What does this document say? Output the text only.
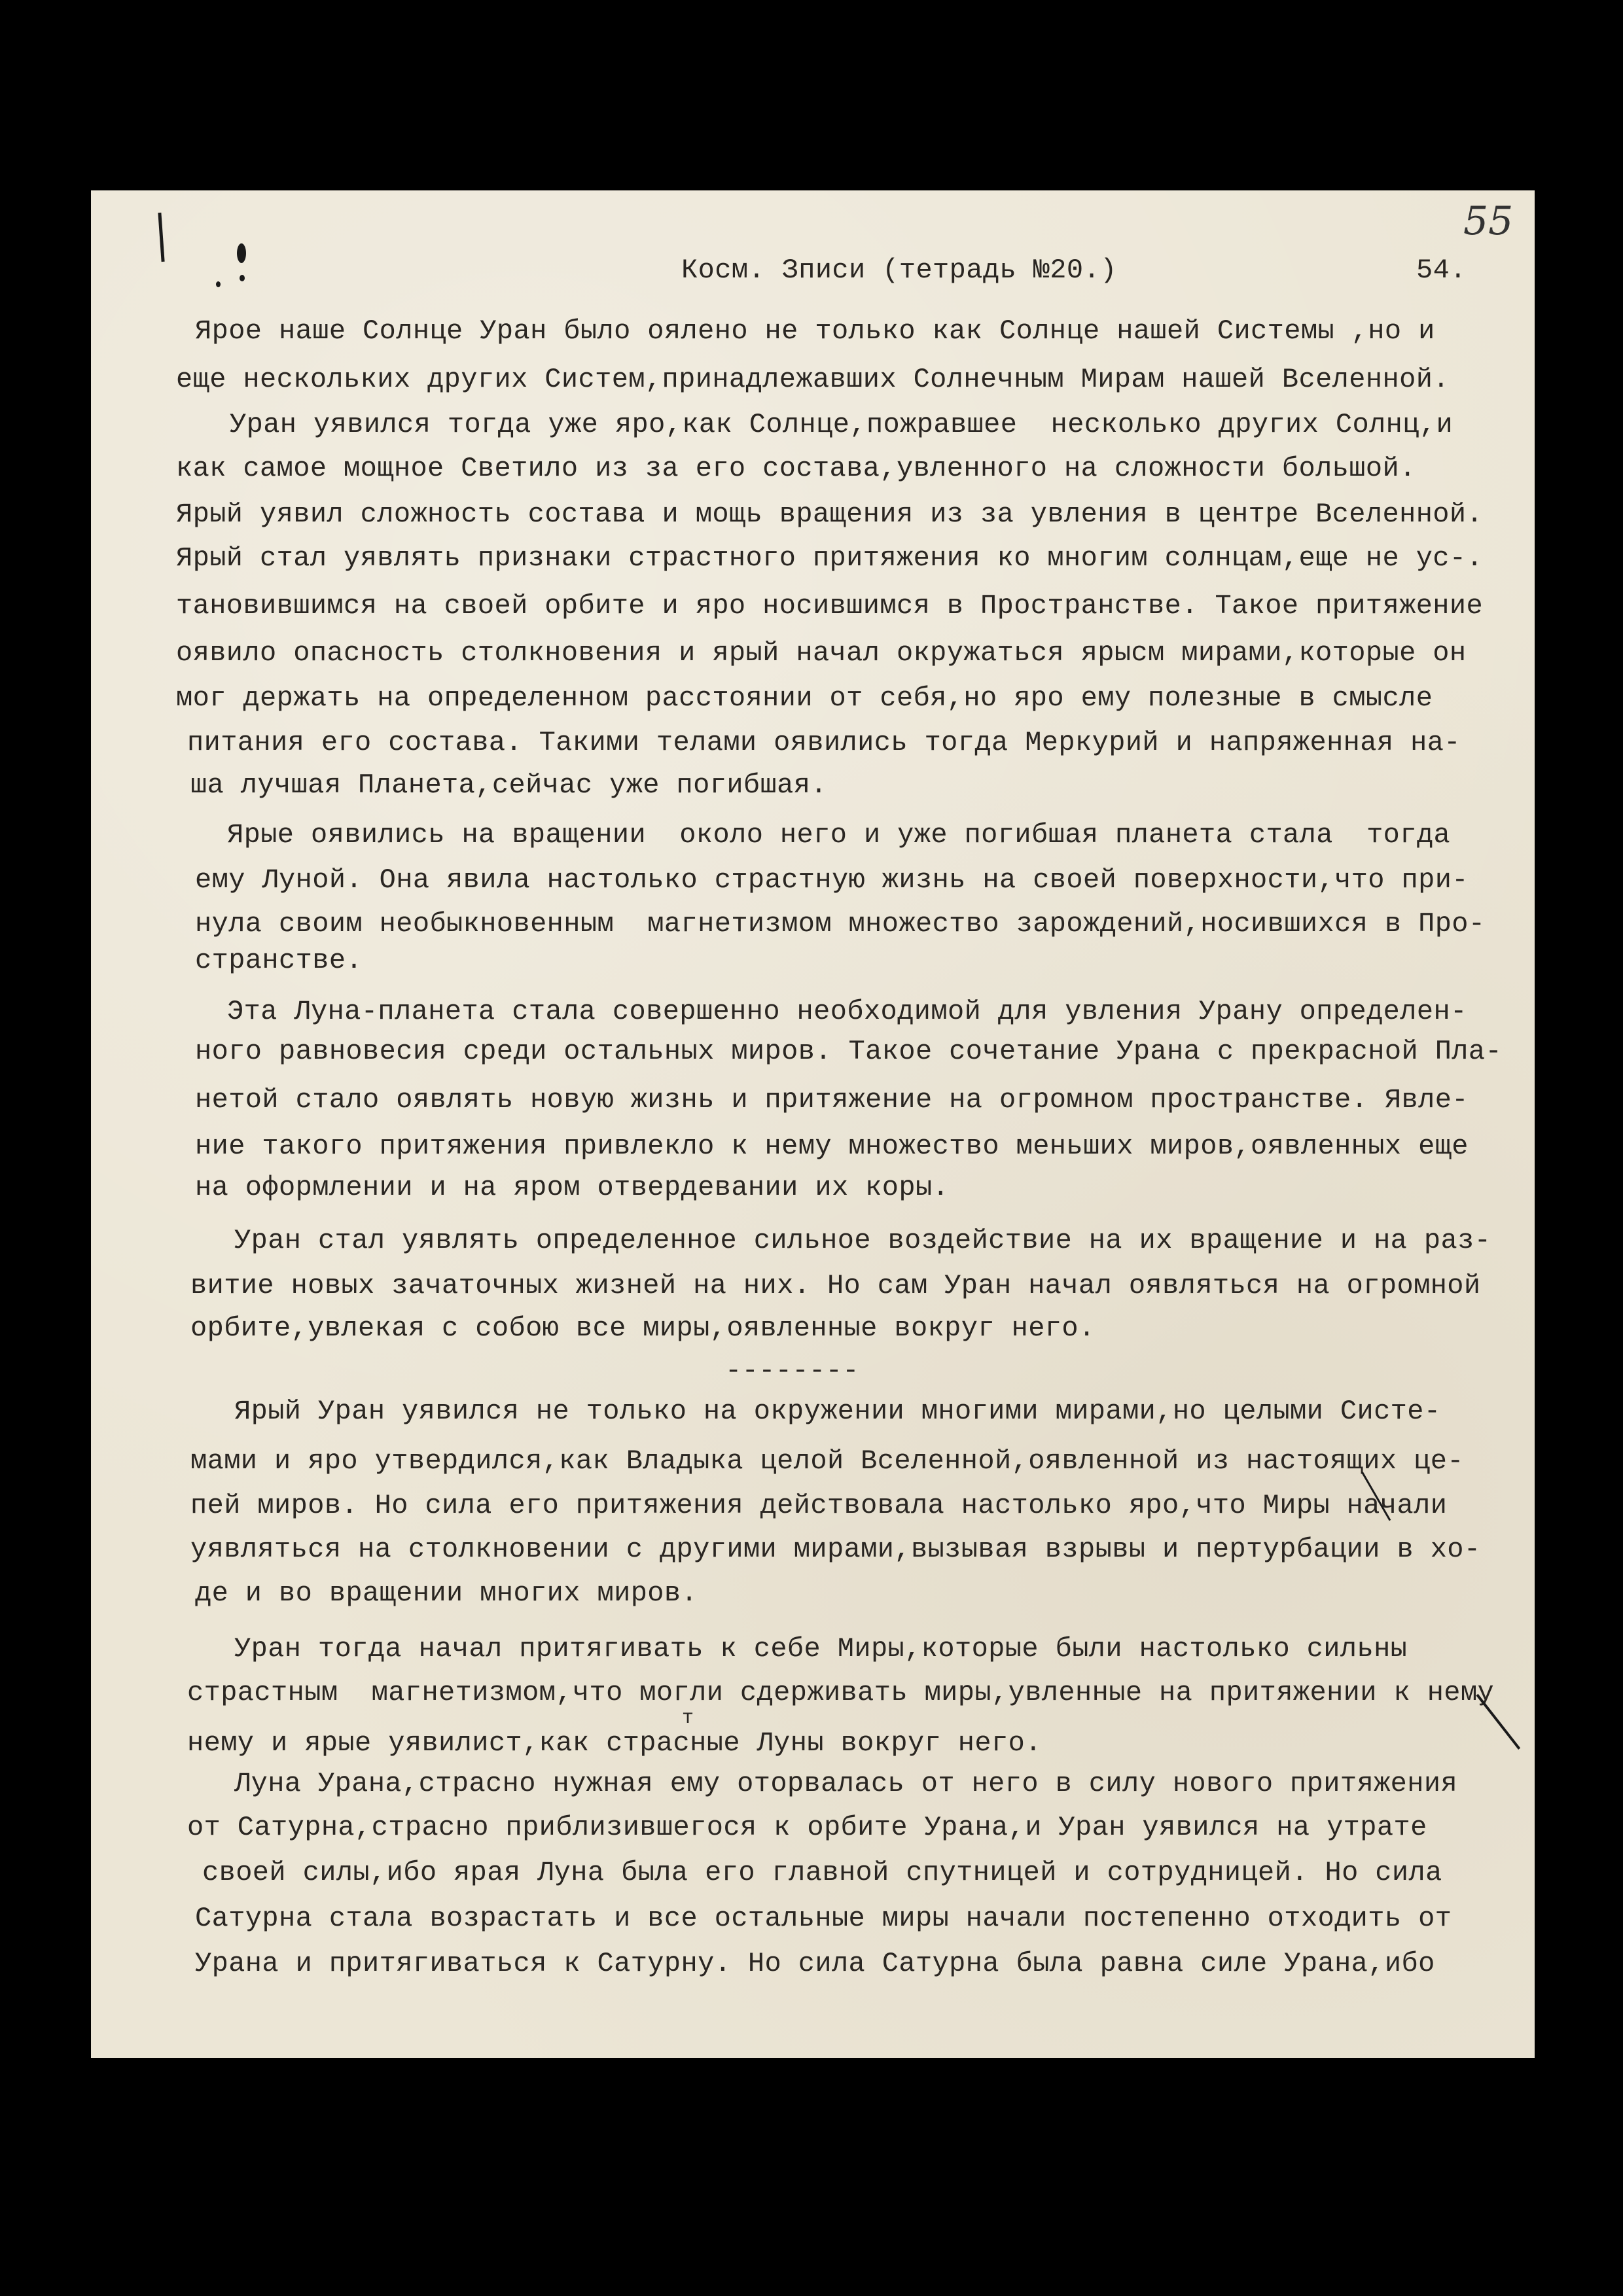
Косм. Зписи (тетрадь №20.)	54.
55
Ярое наше Солнце Уран было оялено не только как Солнце нашей Системы ,но и
еще нескольких других Систем,принадлежавших Солнечным Мирам нашей Вселенной.
Уран уявился тогда уже яро,как Солнце,пожравшее  несколько других Солнц,и
как самое мощное Светило из за его состава,увленного на сложности большой.
Ярый уявил сложность состава и мощь вращения из за увления в центре Вселенной.
Ярый стал уявлять признаки страстного притяжения ко многим солнцам,еще не ус-.
тановившимся на своей орбите и яро носившимся в Пространстве. Такое притяжение
оявило опасность столкновения и ярый начал окружаться ярысм мирами,которые он
мог держать на определенном расстоянии от себя,но яро ему полезные в смысле
питания его состава. Такими телами оявились тогда Меркурий и напряженная на-
ша лучшая Планета,сейчас уже погибшая.
Ярые оявились на вращении  около него и уже погибшая планета стала  тогда
ему Луной. Она явила настолько страстную жизнь на своей поверхности,что при-
нула своим необыкновенным  магнетизмом множество зарождений,носившихся в Про-
странстве.
Эта Луна-планета стала совершенно необходимой для увления Урану определен-
ного равновесия среди остальных миров. Такое сочетание Урана с прекрасной Пла-
нетой стало оявлять новую жизнь и притяжение на огромном пространстве. Явле-
ние такого притяжения привлекло к нему множество меньших миров,оявленных еще
на оформлении и на яром отвердевании их коры.
Уран стал уявлять определенное сильное воздействие на их вращение и на раз-
витие новых зачаточных жизней на них. Но сам Уран начал оявляться на огромной
орбите,увлекая с собою все миры,оявленные вокруг него.
--------
Ярый Уран уявился не только на окружении многими мирами,но целыми Систе-
мами и яро утвердился,как Владыка целой Вселенной,оявленной из настоящих це-
пей миров. Но сила его притяжения действовала настолько яро,что Миры начали
уявляться на столкновении с другими мирами,вызывая взрывы и пертурбации в хо-
де и во вращении многих миров.
Уран тогда начал притягивать к себе Миры,которые были настолько сильны
страстным  магнетизмом,что могли сдерживать миры,увленные на притяжении к нему
нему и ярые уявилист,как страсные Луны вокруг него.
Луна Урана,страсно нужная ему оторвалась от него в силу нового притяжения
от Сатурна,страсно приблизившегося к орбите Урана,и Уран уявился на утрате
своей силы,ибо ярая Луна была его главной спутницей и сотрудницей. Но сила
Сатурна стала возрастать и все остальные миры начали постепенно отходить от
Урана и притягиваться к Сатурну. Но сила Сатурна была равна силе Урана,ибо
т
